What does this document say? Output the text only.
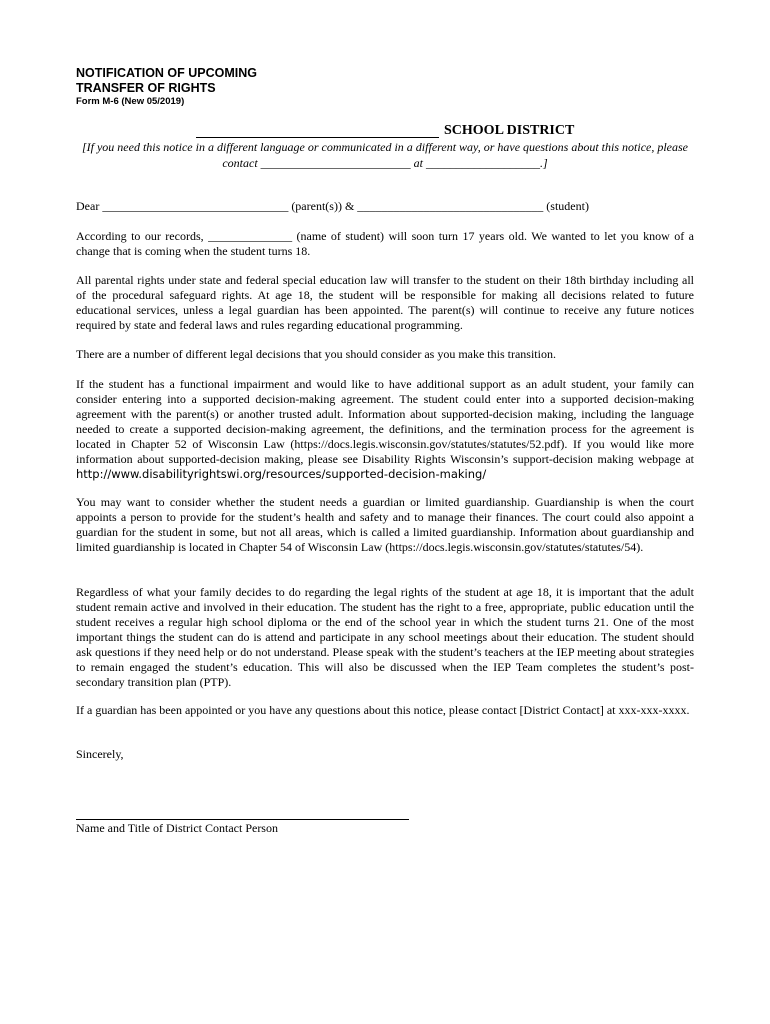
NOTIFICATION OF UPCOMING
TRANSFER OF RIGHTS
Form M-6 (New 05/2019)
SCHOOL DISTRICT
[If you need this notice in a different language or communicated in a different way, or have questions about this notice, please contact _________________________ at ___________________.]

Dear _______________________________ (parent(s)) & _______________________________ (student)

According to our records, ______________ (name of student) will soon turn 17 years old. We wanted to let you know of a change that is coming when the student turns 18.

All parental rights under state and federal special education law will transfer to the student on their 18th birthday including all of the procedural safeguard rights. At age 18, the student will be responsible for making all decisions related to future educational services, unless a legal guardian has been appointed. The parent(s) will continue to receive any future notices required by state and federal laws and rules regarding educational programming.

There are a number of different legal decisions that you should consider as you make this transition.

If the student has a functional impairment and would like to have additional support as an adult student, your family can consider entering into a supported decision-making agreement. The student could enter into a supported decision-making agreement with the parent(s) or another trusted adult. Information about supported-decision making, including the language needed to create a supported decision-making agreement, the definitions, and the termination process for the agreement is located in Chapter 52 of Wisconsin Law (https://docs.legis.wisconsin.gov/statutes/statutes/52.pdf). If you would like more information about supported-decision making, please see Disability Rights Wisconsin’s support-decision making webpage at http://www.disabilityrightswi.org/resources/supported-decision-making/

You may want to consider whether the student needs a guardian or limited guardianship. Guardianship is when the court appoints a person to provide for the student’s health and safety and to manage their finances. The court could also appoint a guardian for the student in some, but not all areas, which is called a limited guardianship. Information about guardianship and limited guardianship is located in Chapter 54 of Wisconsin Law (https://docs.legis.wisconsin.gov/statutes/statutes/54).

Regardless of what your family decides to do regarding the legal rights of the student at age 18, it is important that the adult student remain active and involved in their education. The student has the right to a free, appropriate, public education until the student receives a regular high school diploma or the end of the school year in which the student turns 21. One of the most important things the student can do is attend and participate in any school meetings about their education. The student should ask questions if they need help or do not understand. Please speak with the student’s teachers at the IEP meeting about strategies to remain engaged the student’s education. This will also be discussed when the IEP Team completes the student’s post-secondary transition plan (PTP).

If a guardian has been appointed or you have any questions about this notice, please contact [District Contact] at xxx-xxx-xxxx.

Sincerely,

Name and Title of District Contact Person
